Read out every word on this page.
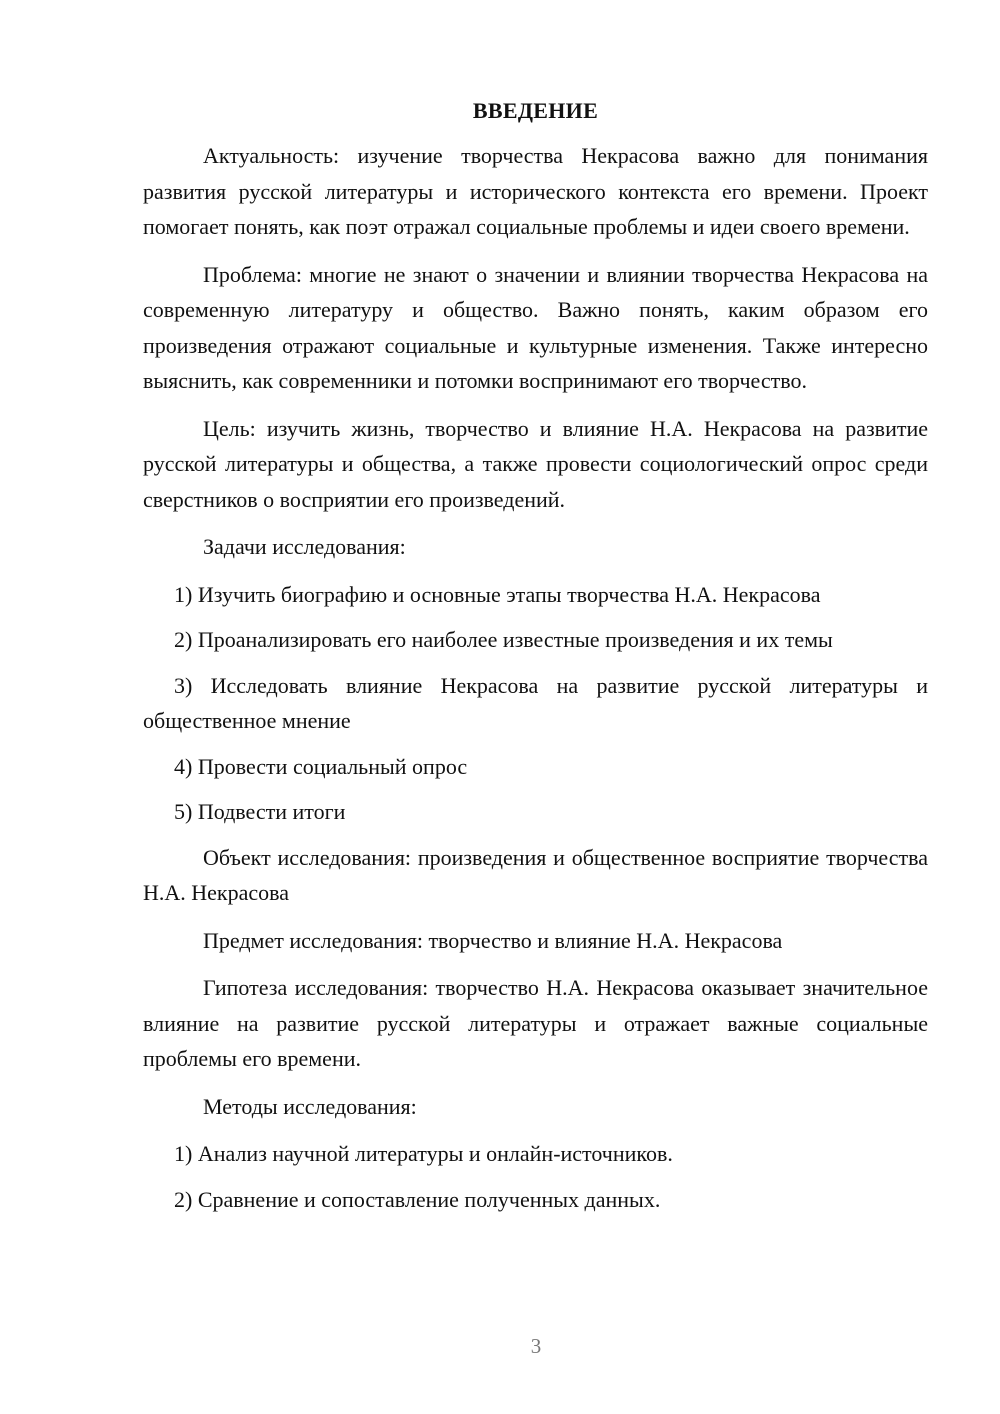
ВВЕДЕНИЕ

Актуальность: изучение творчества Некрасова важно для понимания развития русской литературы и исторического контекста его времени. Проект помогает понять, как поэт отражал социальные проблемы и идеи своего времени.

Проблема: многие не знают о значении и влиянии творчества Некрасова на современную литературу и общество. Важно понять, каким образом его произведения отражают социальные и культурные изменения. Также интересно выяснить, как современники и потомки воспринимают его творчество.

Цель: изучить жизнь, творчество и влияние Н.А. Некрасова на развитие русской литературы и общества, а также провести социологический опрос среди сверстников о восприятии его произведений.

Задачи исследования:

1) Изучить биографию и основные этапы творчества Н.А. Некрасова

2) Проанализировать его наиболее известные произведения и их темы

3) Исследовать влияние Некрасова на развитие русской литературы и общественное мнение

4) Провести социальный опрос

5) Подвести итоги

Объект исследования: произведения и общественное восприятие творчества Н.А. Некрасова

Предмет исследования: творчество и влияние Н.А. Некрасова

Гипотеза исследования: творчество Н.А. Некрасова оказывает значительное влияние на развитие русской литературы и отражает важные социальные проблемы его времени.

Методы исследования:

1) Анализ научной литературы и онлайн-источников.

2) Сравнение и сопоставление полученных данных.

3
